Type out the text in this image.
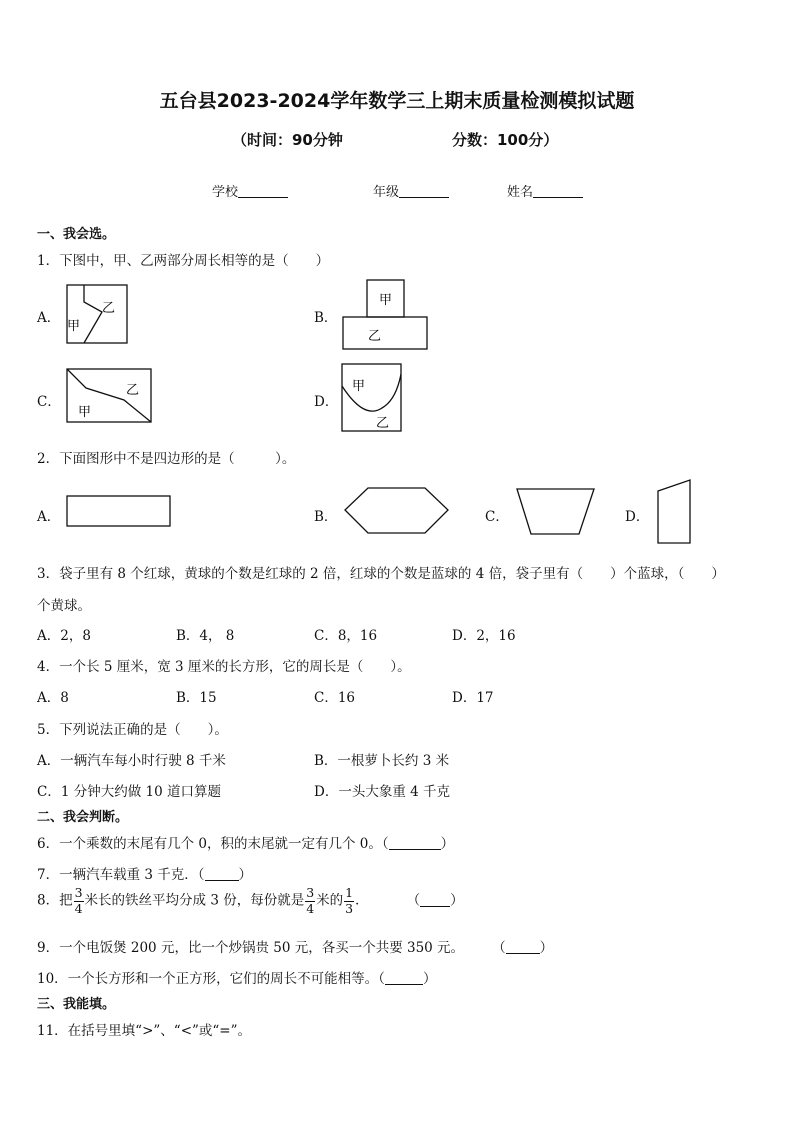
五台县2023-2024学年数学三上期末质量检测模拟试题
（时间：90分钟	分数：100分）
学校	年级	姓名
一、我会选。
1．下图中，甲、乙两部分周长相等的是（　　）
A．
乙
甲
B．
甲
乙
C．
乙
甲
D．
甲
乙
2．下面图形中不是四边形的是（　　　）。
A．	B．	C．	D．
3．袋子里有 8 个红球，黄球的个数是红球的 2 倍，红球的个数是蓝球的 4 倍，袋子里有（　　）个蓝球，（　　）
个黄球。
A．2，8	B．4， 8	C．8，16	D．2，16
4．一个长 5 厘米，宽 3 厘米的长方形，它的周长是（　　）。
A．8	B．15	C．16	D．17
5．下列说法正确的是（　　）。
A．一辆汽车每小时行驶 8 千米	B．一根萝卜长约 3 米
C．1 分钟大约做 10 道口算题	D．一头大象重 4 千克
二、我会判断。
6．一个乘数的末尾有几个 0，积的末尾就一定有几个 0。（	）
7．一辆汽车载重 3 千克．（	）
8．把 $\frac{3}{4}$ 米长的铁丝平均分成 3 份，每份就是 $\frac{3}{4}$ 米的 $\frac{1}{3}$ ．	（ ）
9．一个电饭煲 200 元，比一个炒锅贵 50 元，各买一个共要 350 元。 （	）
10．一个长方形和一个正方形，它们的周长不可能相等。（	）
三、我能填。
11．在括号里填“>”、“<”或“=”。
